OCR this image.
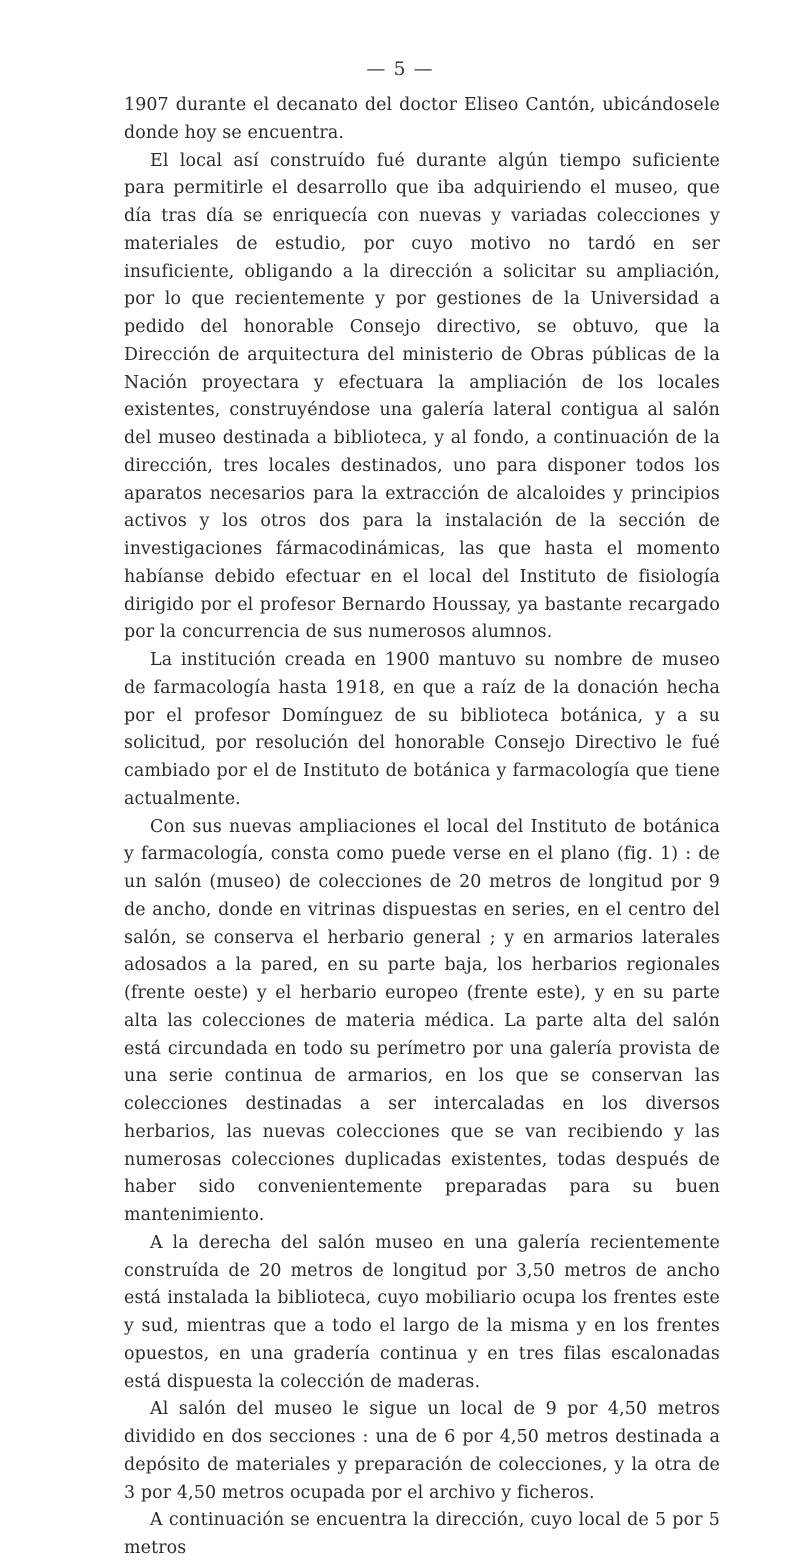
— 5 —

1907 durante el decanato del doctor Eliseo Cantón, ubicándosele donde hoy se encuentra.

El local así construído fué durante algún tiempo suficiente para permitirle el desarrollo que iba adquiriendo el museo, que día tras día se enriquecía con nuevas y variadas colecciones y materiales de estudio, por cuyo motivo no tardó en ser insuficiente, obligando a la dirección a solicitar su ampliación, por lo que recientemente y por gestiones de la Universidad a pedido del honorable Consejo directivo, se obtuvo, que la Dirección de arquitectura del ministerio de Obras públicas de la Nación proyectara y efectuara la ampliación de los locales existentes, construyéndose una galería lateral contigua al salón del museo destinada a biblioteca, y al fondo, a continuación de la dirección, tres locales destinados, uno para disponer todos los aparatos necesarios para la extracción de alcaloides y principios activos y los otros dos para la instalación de la sección de investigaciones fármacodinámicas, las que hasta el momento habíanse debido efectuar en el local del Instituto de fisiología dirigido por el profesor Bernardo Houssay, ya bastante recargado por la concurrencia de sus numerosos alumnos.

La institución creada en 1900 mantuvo su nombre de museo de farmacología hasta 1918, en que a raíz de la donación hecha por el profesor Domínguez de su biblioteca botánica, y a su solicitud, por resolución del honorable Consejo Directivo le fué cambiado por el de Instituto de botánica y farmacología que tiene actualmente.

Con sus nuevas ampliaciones el local del Instituto de botánica y farmacología, consta como puede verse en el plano (fig. 1) : de un salón (museo) de colecciones de 20 metros de longitud por 9 de ancho, donde en vitrinas dispuestas en series, en el centro del salón, se conserva el herbario general ; y en armarios laterales adosados a la pared, en su parte baja, los herbarios regionales (frente oeste) y el herbario europeo (frente este), y en su parte alta las colecciones de materia médica. La parte alta del salón está circundada en todo su perímetro por una galería provista de una serie continua de armarios, en los que se conservan las colecciones destinadas a ser intercaladas en los diversos herbarios, las nuevas colecciones que se van recibiendo y las numerosas colecciones duplicadas existentes, todas después de haber sido convenientemente preparadas para su buen mantenimiento.

A la derecha del salón museo en una galería recientemente construída de 20 metros de longitud por 3,50 metros de ancho está instalada la biblioteca, cuyo mobiliario ocupa los frentes este y sud, mientras que a todo el largo de la misma y en los frentes opuestos, en una gradería continua y en tres filas escalonadas está dispuesta la colección de maderas.

Al salón del museo le sigue un local de 9 por 4,50 metros dividido en dos secciones : una de 6 por 4,50 metros destinada a depósito de materiales y preparación de colecciones, y la otra de 3 por 4,50 metros ocupada por el archivo y ficheros.

A continuación se encuentra la dirección, cuyo local de 5 por 5 metros
